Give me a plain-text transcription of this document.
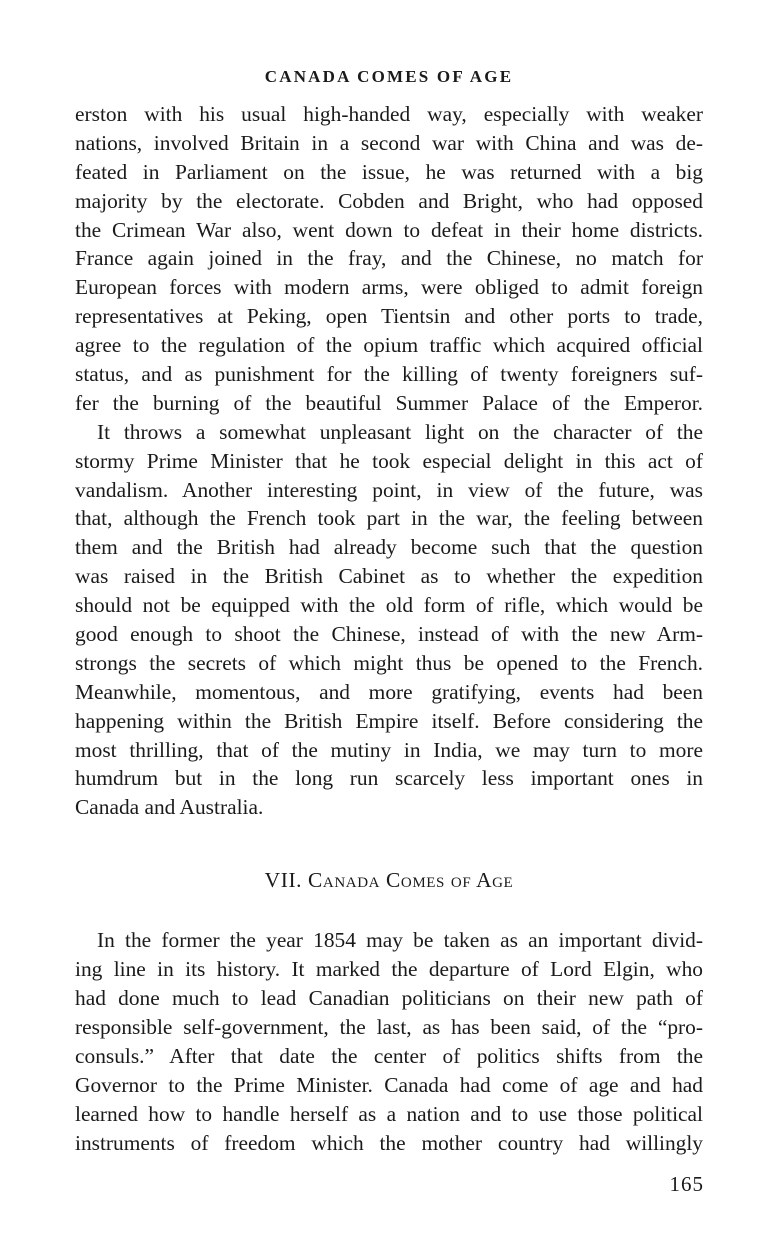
CANADA COMES OF AGE
erston with his usual high-handed way, especially with weaker
nations, involved Britain in a second war with China and was de-
feated in Parliament on the issue, he was returned with a big
majority by the electorate. Cobden and Bright, who had opposed
the Crimean War also, went down to defeat in their home districts.
France again joined in the fray, and the Chinese, no match for
European forces with modern arms, were obliged to admit foreign
representatives at Peking, open Tientsin and other ports to trade,
agree to the regulation of the opium traffic which acquired official
status, and as punishment for the killing of twenty foreigners suf-
fer the burning of the beautiful Summer Palace of the Emperor.
It throws a somewhat unpleasant light on the character of the
stormy Prime Minister that he took especial delight in this act of
vandalism. Another interesting point, in view of the future, was
that, although the French took part in the war, the feeling between
them and the British had already become such that the question
was raised in the British Cabinet as to whether the expedition
should not be equipped with the old form of rifle, which would be
good enough to shoot the Chinese, instead of with the new Arm-
strongs the secrets of which might thus be opened to the French.
Meanwhile, momentous, and more gratifying, events had been
happening within the British Empire itself. Before considering the
most thrilling, that of the mutiny in India, we may turn to more
humdrum but in the long run scarcely less important ones in
Canada and Australia.
VII. Canada Comes of Age
In the former the year 1854 may be taken as an important divid-
ing line in its history. It marked the departure of Lord Elgin, who
had done much to lead Canadian politicians on their new path of
responsible self-government, the last, as has been said, of the “pro-
consuls.” After that date the center of politics shifts from the
Governor to the Prime Minister. Canada had come of age and had
learned how to handle herself as a nation and to use those political
instruments of freedom which the mother country had willingly
165
